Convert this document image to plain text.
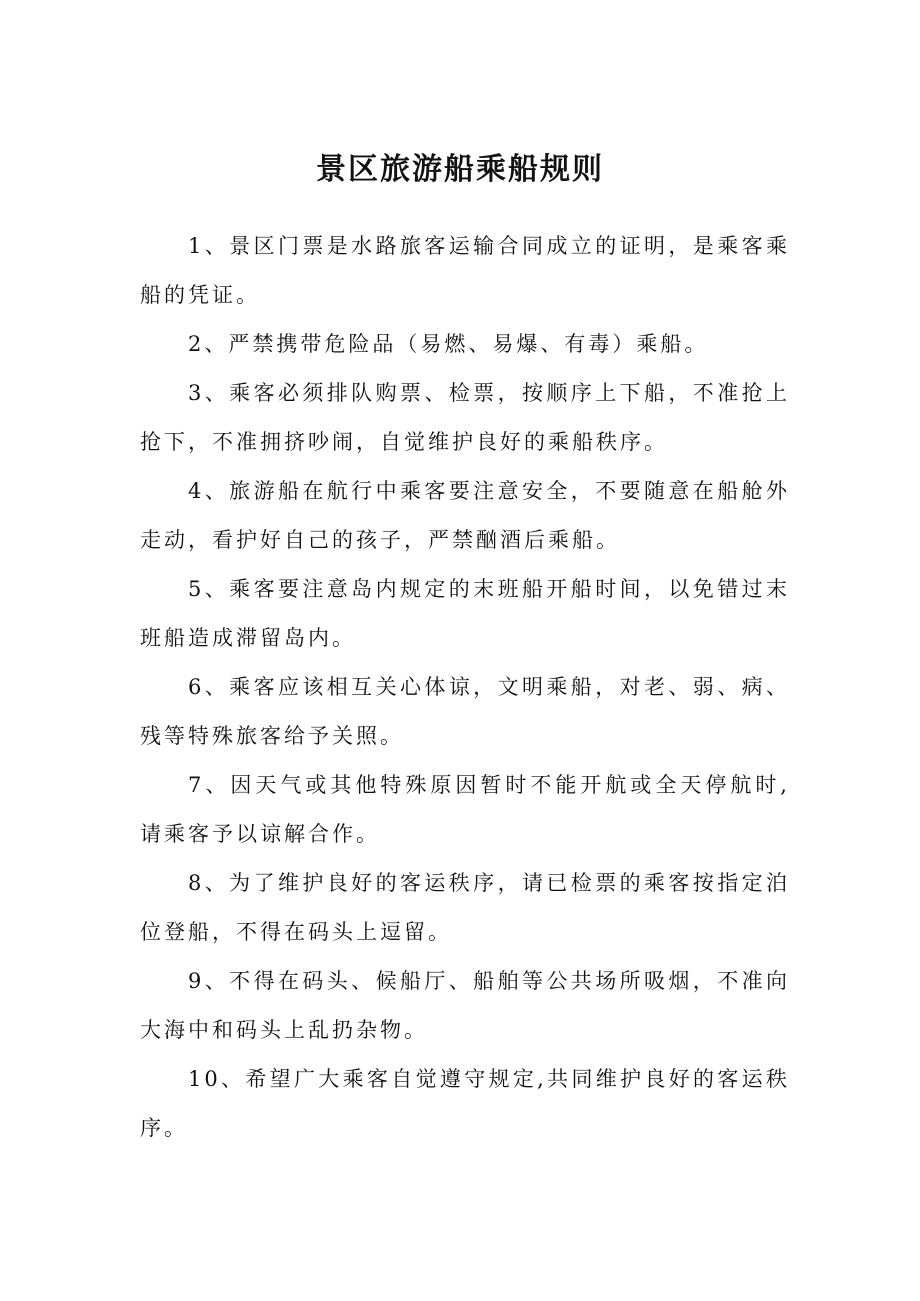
景区旅游船乘船规则
1、景区门票是水路旅客运输合同成立的证明，是乘客乘船的凭证。
2、严禁携带危险品（易燃、易爆、有毒）乘船。
3、乘客必须排队购票、检票，按顺序上下船，不准抢上抢下，不准拥挤吵闹，自觉维护良好的乘船秩序。
4、旅游船在航行中乘客要注意安全，不要随意在船舱外走动，看护好自己的孩子，严禁酗酒后乘船。
5、乘客要注意岛内规定的末班船开船时间，以免错过末班船造成滞留岛内。
6、乘客应该相互关心体谅，文明乘船，对老、弱、病、残等特殊旅客给予关照。
7、因天气或其他特殊原因暂时不能开航或全天停航时,请乘客予以谅解合作。
8、为了维护良好的客运秩序，请已检票的乘客按指定泊位登船，不得在码头上逗留。
9、不得在码头、候船厅、船舶等公共场所吸烟，不准向大海中和码头上乱扔杂物。
10、希望广大乘客自觉遵守规定,共同维护良好的客运秩序。
